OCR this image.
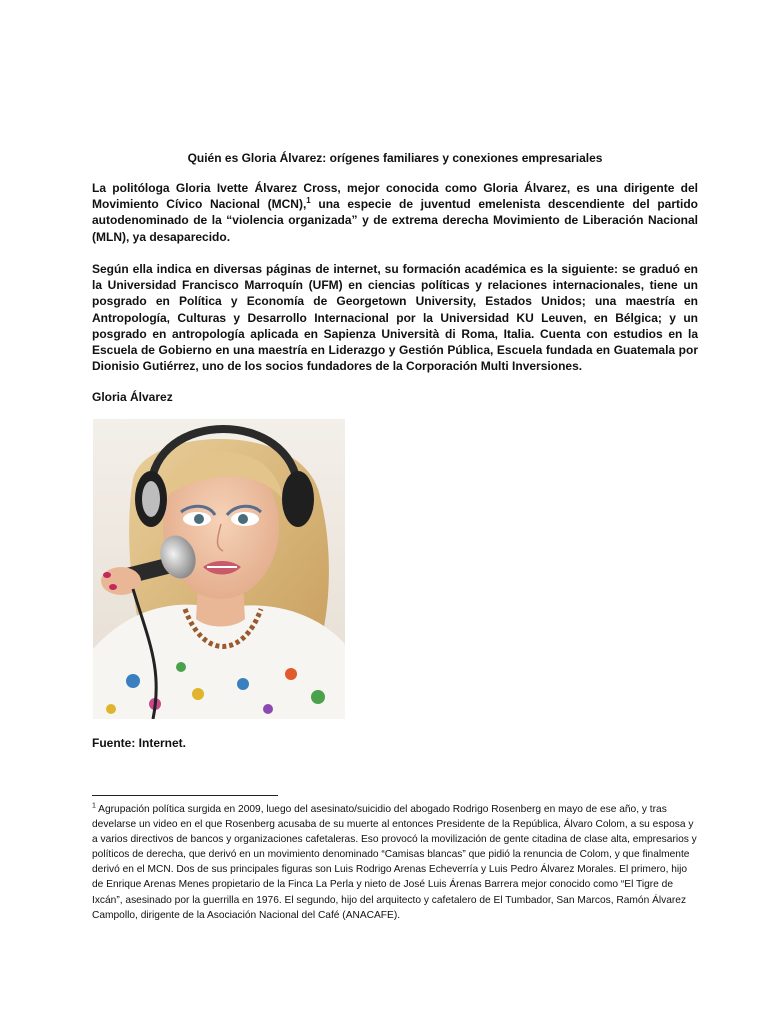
Quién es Gloria Álvarez: orígenes familiares y conexiones empresariales

La politóloga Gloria Ivette Álvarez Cross, mejor conocida como Gloria Álvarez, es una dirigente del Movimiento Cívico Nacional (MCN),$^1$ una especie de juventud emelenista descendiente del partido autodenominado de la “violencia organizada” y de extrema derecha Movimiento de Liberación Nacional (MLN), ya desaparecido.

Según ella indica en diversas páginas de internet, su formación académica es la siguiente: se graduó en la Universidad Francisco Marroquín (UFM) en ciencias políticas y relaciones internacionales, tiene un posgrado en Política y Economía de Georgetown University, Estados Unidos; una maestría en Antropología, Culturas y Desarrollo Internacional por la Universidad KU Leuven, en Bélgica; y un posgrado en antropología aplicada en Sapienza Università di Roma, Italia. Cuenta con estudios en la Escuela de Gobierno en una maestría en Liderazgo y Gestión Pública, Escuela fundada en Guatemala por Dionisio Gutiérrez, uno de los socios fundadores de la Corporación Multi Inversiones.

Gloria Álvarez
Fuente: Internet.

$^1$ Agrupación política surgida en 2009, luego del asesinato/suicidio del abogado Rodrigo Rosenberg en mayo de ese año, y tras develarse un video en el que Rosenberg acusaba de su muerte al entonces Presidente de la República, Álvaro Colom, a su esposa y a varios directivos de bancos y organizaciones cafetaleras. Eso provocó la movilización de gente citadina de clase alta, empresarios y políticos de derecha, que derivó en un movimiento denominado “Camisas blancas” que pidió la renuncia de Colom, y que finalmente derivó en el MCN. Dos de sus principales figuras son Luis Rodrigo Arenas Echeverría y Luis Pedro Álvarez Morales. El primero, hijo de Enrique Arenas Menes propietario de la Finca La Perla y nieto de José Luis Árenas Barrera mejor conocido como “El Tigre de Ixcán”, asesinado por la guerrilla en 1976. El segundo, hijo del arquitecto y cafetalero de El Tumbador, San Marcos, Ramón Álvarez Campollo, dirigente de la Asociación Nacional del Café (ANACAFE).
